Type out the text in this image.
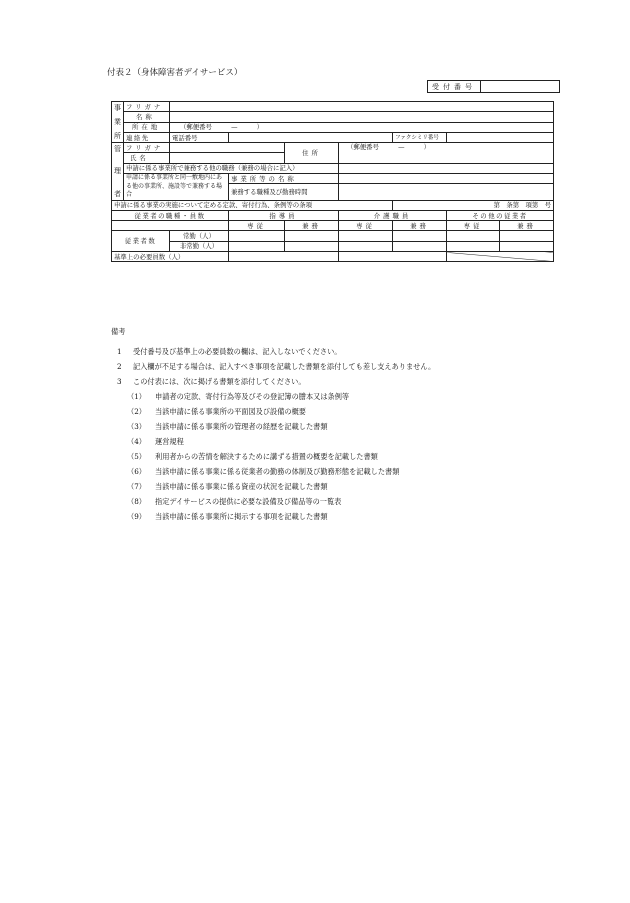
付表２（身体障害者デイサービス）
受付番号	
事
業
所	フリガナ							
	名称							
	所在地	（郵便番号　　　—　　　）						

	連絡先	電話番号				ファクシミリ番号		

管
理
者	フリガナ			住所	（郵便番号　　　—　　　）			
	氏名							

	申請に係る事業所で兼務する他の職務（兼務の場合に記入）							
	申請に係る事業所と同一敷地内にある他の事業所、施設等で兼務する場合		事業所等の名称					
			兼務する職種及び勤務時間					

申請に係る事業の実施について定める定款、寄付行為、条例等の条項						第　条第　項第　号		
従業者の職種・員数			指導員		介護職員		その他の従業者	
			専従	兼務	専従	兼務	専従	兼務
従業者数		常勤（人）						
		非常勤（人）						
基準上の必要員数（人）								
備考
1	受付番号及び基準上の必要員数の欄は、記入しないでください。
2	記入欄が不足する場合は、記入すべき事項を記載した書類を添付しても差し支えありません。
3	この付表には、次に掲げる書類を添付してください。
（1）	申請者の定款、寄付行為等及びその登記簿の謄本又は条例等
（2）	当該申請に係る事業所の平面図及び設備の概要
（3）	当該申請に係る事業所の管理者の経歴を記載した書類
（4）	運営規程
（5）	利用者からの苦情を解決するために講ずる措置の概要を記載した書類
（6）	当該申請に係る事業に係る従業者の勤務の体制及び勤務形態を記載した書類
（7）	当該申請に係る事業に係る資産の状況を記載した書類
（8）	指定デイサービスの提供に必要な設備及び備品等の一覧表
（9）	当該申請に係る事業所に掲示する事項を記載した書類
